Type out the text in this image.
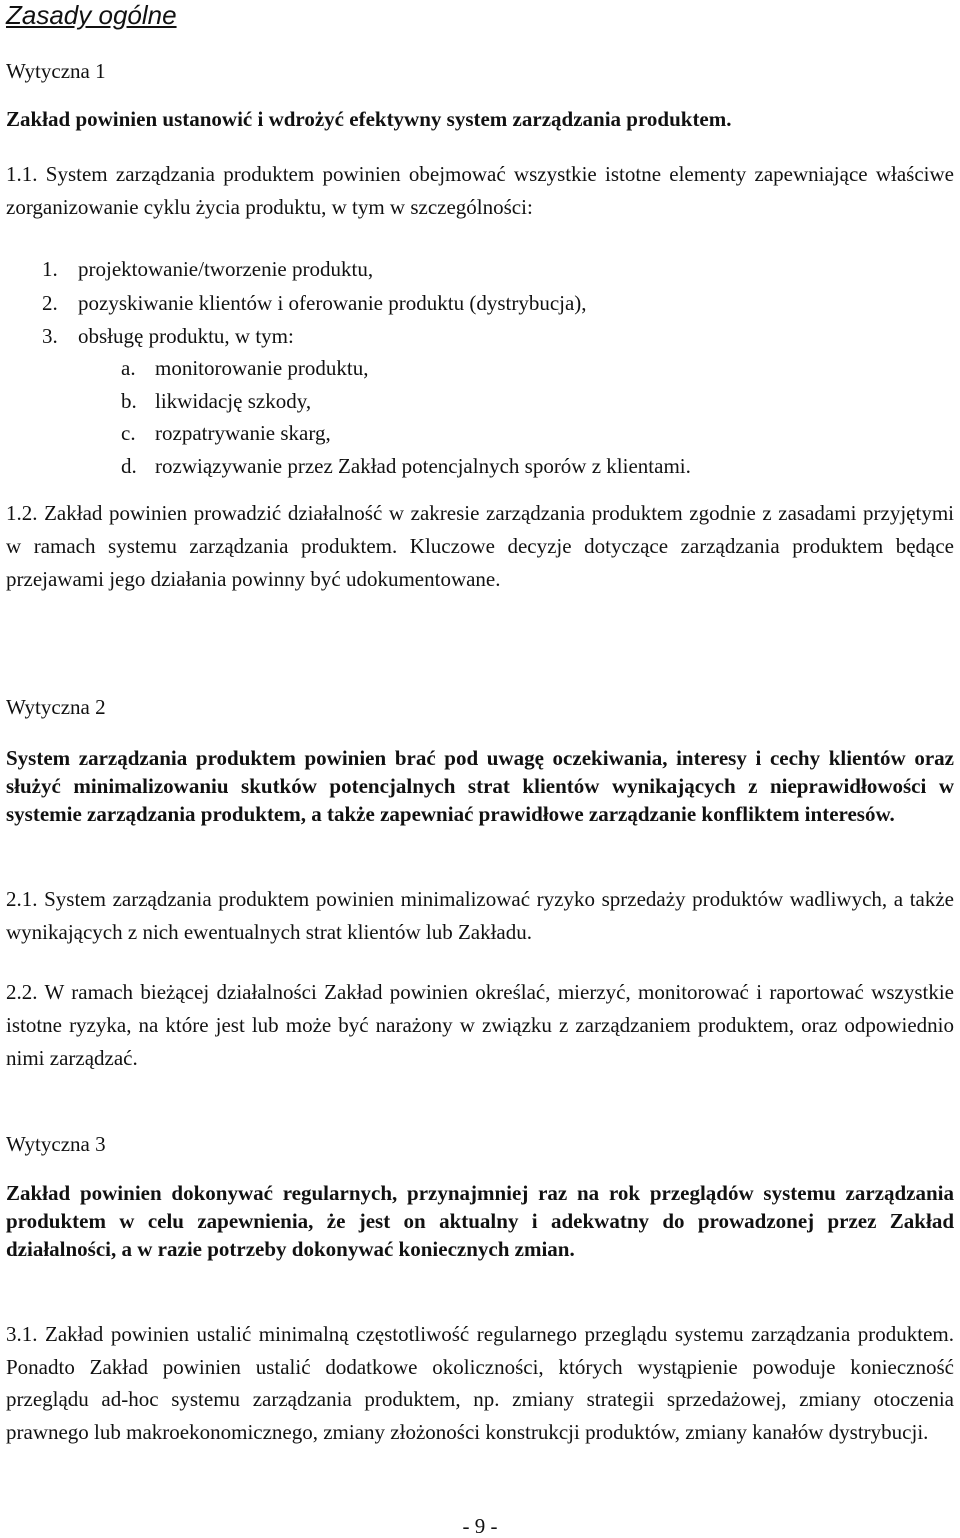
Zasady ogólne
Wytyczna 1

Zakład powinien ustanowić i wdrożyć efektywny system zarządzania produktem.

1.1. System zarządzania produktem powinien obejmować wszystkie istotne elementy zapewniające właściwe zorganizowanie cyklu życia produktu, w tym w szczególności:

1. projektowanie/tworzenie produktu,
2. pozyskiwanie klientów i oferowanie produktu (dystrybucja),
3. obsługę produktu, w tym:
a. monitorowanie produktu,
b. likwidację szkody,
c. rozpatrywanie skarg,
d. rozwiązywanie przez Zakład potencjalnych sporów z klientami.

1.2. Zakład powinien prowadzić działalność w zakresie zarządzania produktem zgodnie z zasadami przyjętymi w ramach systemu zarządzania produktem. Kluczowe decyzje dotyczące zarządzania produktem będące przejawami jego działania powinny być udokumentowane.

Wytyczna 2

System zarządzania produktem powinien brać pod uwagę oczekiwania, interesy i cechy klientów oraz służyć minimalizowaniu skutków potencjalnych strat klientów wynikających z nieprawidłowości w systemie zarządzania produktem, a także zapewniać prawidłowe zarządzanie konfliktem interesów.

2.1. System zarządzania produktem powinien minimalizować ryzyko sprzedaży produktów wadliwych, a także wynikających z nich ewentualnych strat klientów lub Zakładu.

2.2. W ramach bieżącej działalności Zakład powinien określać, mierzyć, monitorować i raportować wszystkie istotne ryzyka, na które jest lub może być narażony w związku z zarządzaniem produktem, oraz odpowiednio nimi zarządzać.

Wytyczna 3

Zakład powinien dokonywać regularnych, przynajmniej raz na rok przeglądów systemu zarządzania produktem w celu zapewnienia, że jest on aktualny i adekwatny do prowadzonej przez Zakład działalności, a w razie potrzeby dokonywać koniecznych zmian.

3.1. Zakład powinien ustalić minimalną częstotliwość regularnego przeglądu systemu zarządzania produktem. Ponadto Zakład powinien ustalić dodatkowe okoliczności, których wystąpienie powoduje konieczność przeglądu ad-hoc systemu zarządzania produktem, np. zmiany strategii sprzedażowej, zmiany otoczenia prawnego lub makroekonomicznego, zmiany złożoności konstrukcji produktów, zmiany kanałów dystrybucji.

- 9 -
